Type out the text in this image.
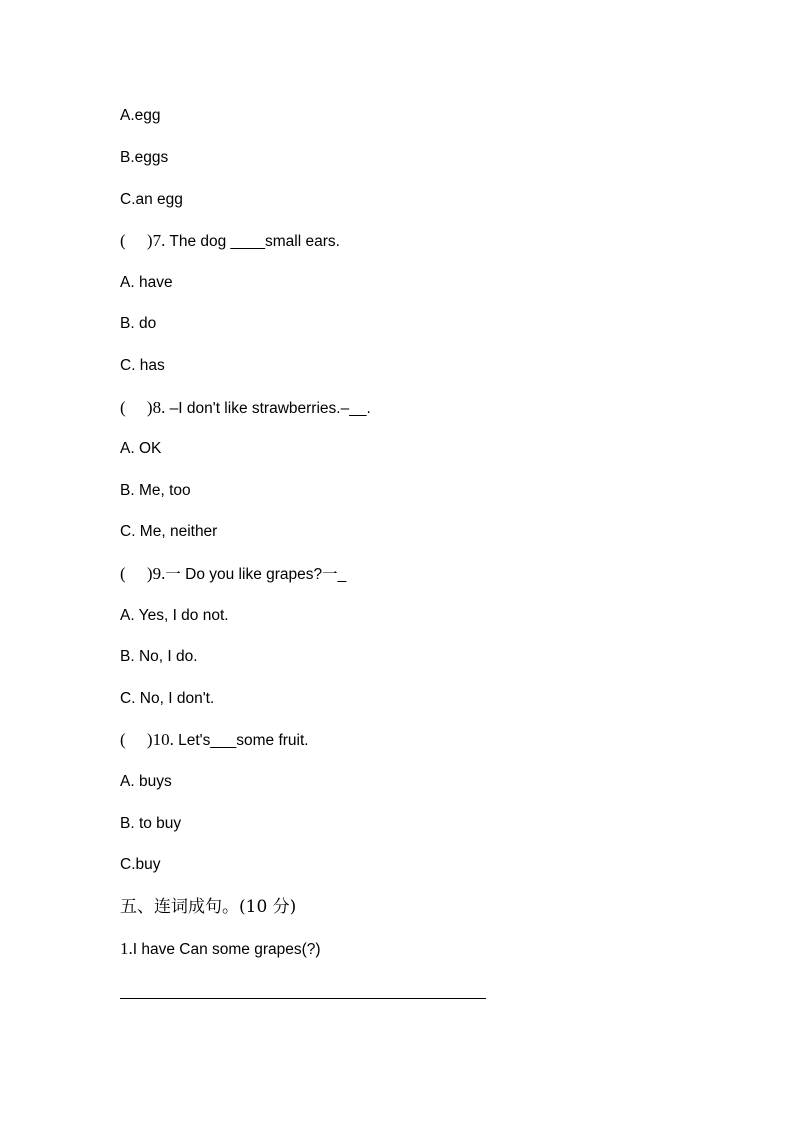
A.egg
B.eggs
C.an egg
(     )7. The dog ____small ears.
A. have
B. do
C. has
(     )8. –I don't like strawberries.–__.
A. OK
B. Me, too
C. Me, neither
(     )9.一 Do you like grapes?一_
A. Yes, I do not.
B. No, I do.
C. No, I don't.
(     )10. Let's___some fruit.
A. buys
B. to buy
C.buy
五、连词成句。(10 分)
1.I have Can some grapes(?)
